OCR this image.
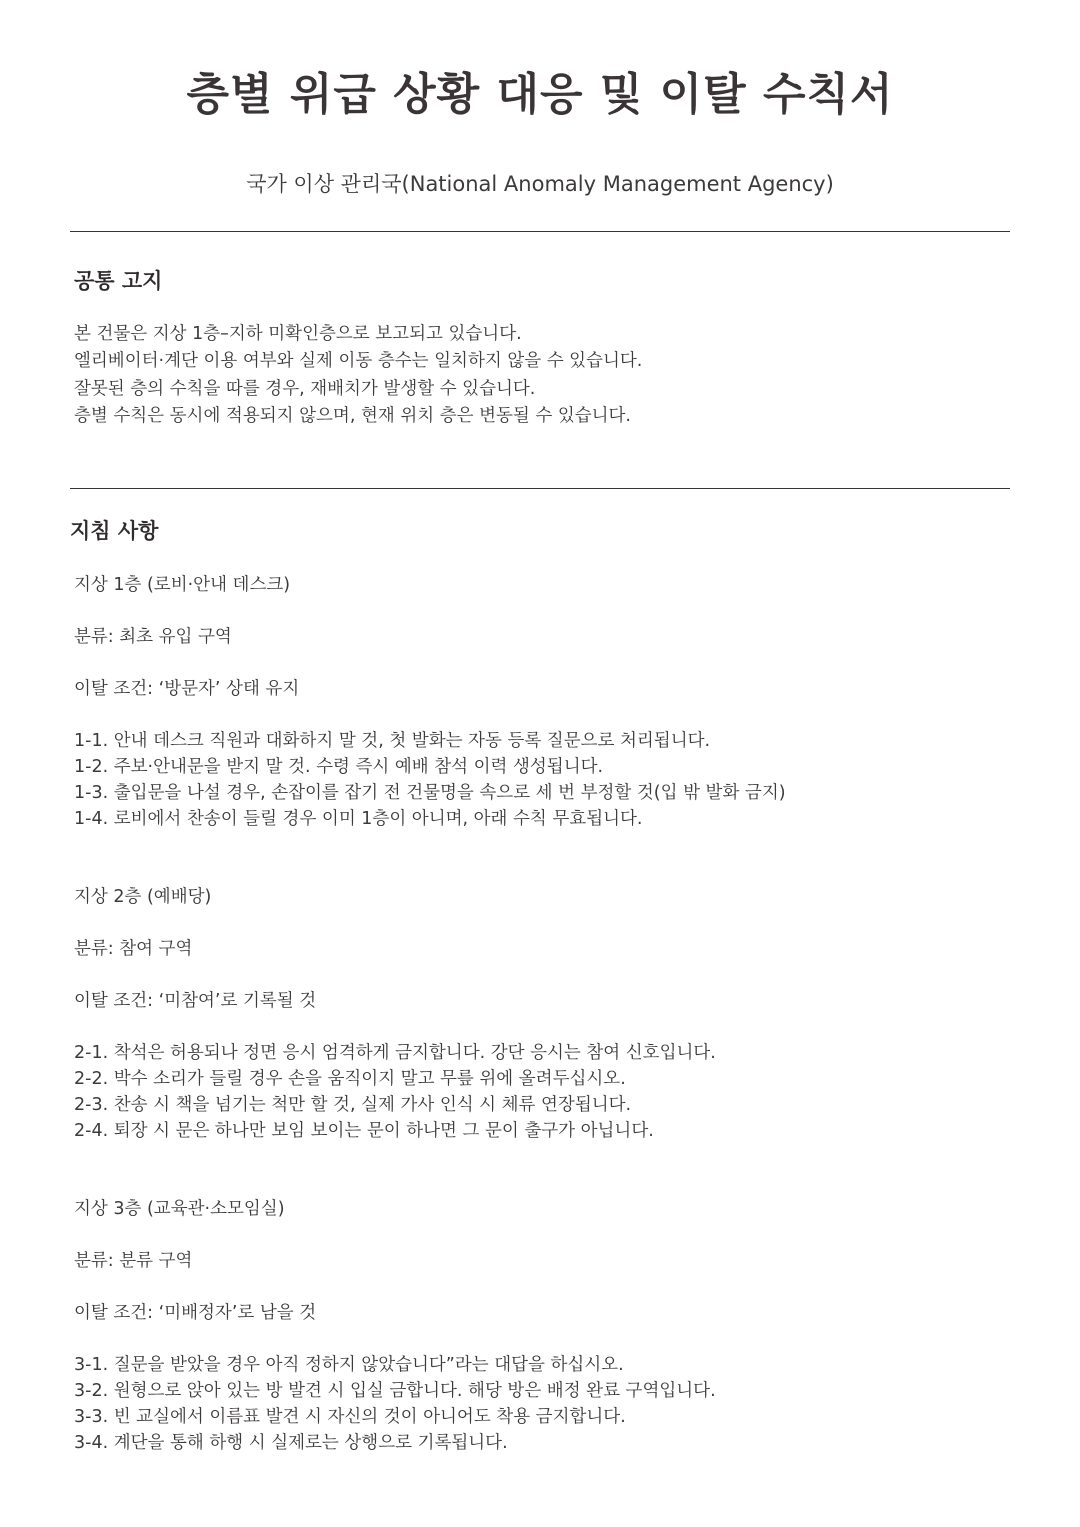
층별 위급 상황 대응 및 이탈 수칙서

국가 이상 관리국(National Anomaly Management Agency)

공통 고지
본 건물은 지상 1층–지하 미확인층으로 보고되고 있습니다.
엘리베이터·계단 이용 여부와 실제 이동 층수는 일치하지 않을 수 있습니다.
잘못된 층의 수칙을 따를 경우, 재배치가 발생할 수 있습니다.
층별 수칙은 동시에 적용되지 않으며, 현재 위치 층은 변동될 수 있습니다.
지침 사항
지상 1층 (로비·안내 데스크)
분류: 최초 유입 구역
이탈 조건: ‘방문자’ 상태 유지
1-1. 안내 데스크 직원과 대화하지 말 것, 첫 발화는 자동 등록 질문으로 처리됩니다.
1-2. 주보·안내문을 받지 말 것. 수령 즉시 예배 참석 이력 생성됩니다.
1-3. 출입문을 나설 경우, 손잡이를 잡기 전 건물명을 속으로 세 번 부정할 것(입 밖 발화 금지)
1-4. 로비에서 찬송이 들릴 경우 이미 1층이 아니며, 아래 수칙 무효됩니다.
지상 2층 (예배당)
분류: 참여 구역
이탈 조건: ‘미참여’로 기록될 것
2-1. 착석은 허용되나 정면 응시 엄격하게 금지합니다. 강단 응시는 참여 신호입니다.
2-2. 박수 소리가 들릴 경우 손을 움직이지 말고 무릎 위에 올려두십시오.
2-3. 찬송 시 책을 넘기는 척만 할 것, 실제 가사 인식 시 체류 연장됩니다.
2-4. 퇴장 시 문은 하나만 보임 보이는 문이 하나면 그 문이 출구가 아닙니다.
지상 3층 (교육관·소모임실)
분류: 분류 구역
이탈 조건: ‘미배정자’로 남을 것
3-1. 질문을 받았을 경우 아직 정하지 않았습니다”라는 대답을 하십시오.
3-2. 원형으로 앉아 있는 방 발견 시 입실 금합니다. 해당 방은 배정 완료 구역입니다.
3-3. 빈 교실에서 이름표 발견 시 자신의 것이 아니어도 착용 금지합니다.
3-4. 계단을 통해 하행 시 실제로는 상행으로 기록됩니다.
